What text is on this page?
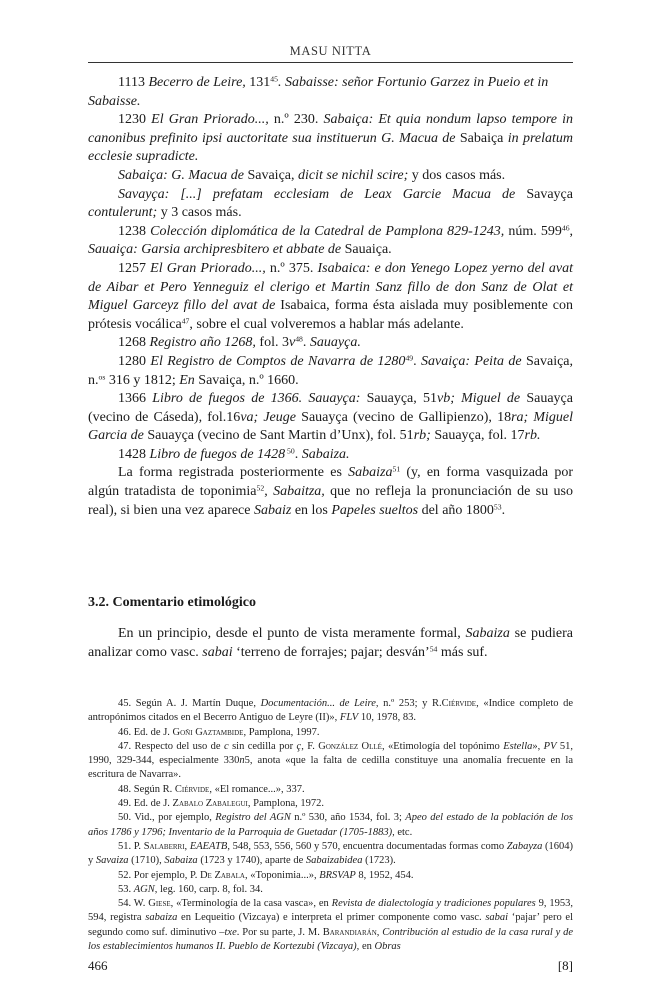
MASU NITTA

1113 Becerro de Leire, $131^{45}$. Sabaisse: señor Fortunio Garzez in Pueio et in
Sabaisse.

1230 El Gran Priorado..., n.º 230. Sabaiça: Et quia nondum lapso tempore in canonibus prefinito ipsi auctoritate sua instituerun G. Macua de Sabaiça in prelatum ecclesie supradicte.

Sabaiça: G. Macua de Savaiça, dicit se nichil scire; y dos casos más.

Savayça: [...] prefatam ecclesiam de Leax Garcie Macua de Savayça contulerunt; y 3 casos más.

1238 Colección diplomática de la Catedral de Pamplona 829-1243, núm. $599^{46}$, Sauaiça: Garsia archipresbitero et abbate de Sauaiça.

1257 El Gran Priorado..., n.º 375. Isabaica: e don Yenego Lopez yerno del avat de Aibar et Pero Yenneguiz el clerigo et Martin Sanz fillo de don Sanz de Olat et Miguel Garceyz fillo del avat de Isabaica, forma ésta aislada muy posiblemente con prótesis vocálica$^{47}$, sobre el cual volveremos a hablar más adelante.

1268 Registro año 1268, fol. $3v^{48}$. Sauayça.

1280 El Registro de Comptos de Navarra de 1280$^{49}$. Savaiça: Peita de Savaiça, n.$^{os}$ 316 y 1812; En Savaiça, n.º 1660.

1366 Libro de fuegos de 1366. Sauayça: Sauayça, 51vb; Miguel de Sauayça (vecino de Cáseda), fol.16va; Jeuge Sauayça (vecino de Gallipienzo), 18ra; Miguel Garcia de Sauayça (vecino de Sant Martin d’Unx), fol. 51rb; Sauayça, fol. 17rb.

1428 Libro de fuegos de 1428 $^{50}$. Sabaiza.

La forma registrada posteriormente es Sabaiza$^{51}$ (y, en forma vasquizada por algún tratadista de toponimia$^{52}$, Sabaitza, que no refleja la pronunciación de su uso real), si bien una vez aparece Sabaiz en los Papeles sueltos del año 1800$^{53}$.

3.2. Comentario etimológico

En un principio, desde el punto de vista meramente formal, Sabaiza se pudiera analizar como vasc. sabai ‘terreno de forrajes; pajar; desván’$^{54}$ más suf.

45. Según A. J. Martín Duque, Documentación... de Leire, n.º 253; y R.Ciérvide, «Indice completo de antropónimos citados en el Becerro Antiguo de Leyre (II)», FLV 10, 1978, 83.

46. Ed. de J. Goñi Gaztambide, Pamplona, 1997.

47. Respecto del uso de c sin cedilla por ç, F. González Ollé, «Etimología del topónimo Estella», PV 51, 1990, 329-344, especialmente 330n5, anota «que la falta de cedilla constituye una anomalía frecuente en la escritura de Navarra».

48. Según R. Ciérvide, «El romance...», 337.

49. Ed. de J. Zabalo Zabalegui, Pamplona, 1972.

50. Vid., por ejemplo, Registro del AGN n.º 530, año 1534, fol. 3; Apeo del estado de la población de los años 1786 y 1796; Inventario de la Parroquia de Guetadar (1705-1883), etc.

51. P. Salaberri, EAEATB, 548, 553, 556, 560 y 570, encuentra documentadas formas como Zabayza (1604) y Savaiza (1710), Sabaiza (1723 y 1740), aparte de Sabaizabidea (1723).

52. Por ejemplo, P. De Zabala, «Toponimia...», BRSVAP 8, 1952, 454.

53. AGN, leg. 160, carp. 8, fol. 34.

54. W. Giese, «Terminología de la casa vasca», en Revista de dialectología y tradiciones populares 9, 1953, 594, registra sabaiza en Lequeitio (Vizcaya) e interpreta el primer componente como vasc. sabai ‘pajar’ pero el segundo como suf. diminutivo –txe. Por su parte, J. M. Barandiarán, Contribución al estudio de la casa rural y de los establecimientos humanos II. Pueblo de Kortezubi (Vizcaya), en Obras

466	[8]
